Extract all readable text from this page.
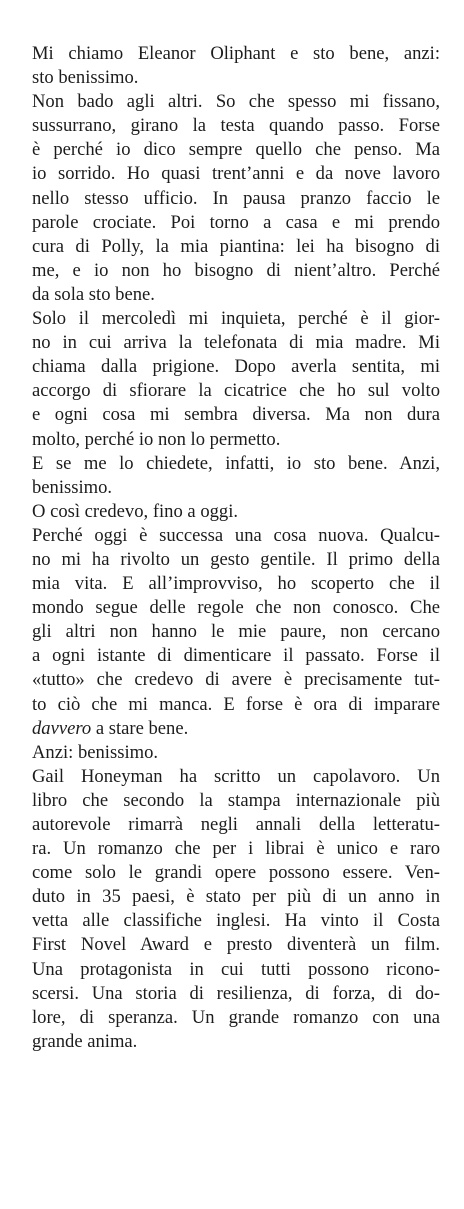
Mi chiamo Eleanor Oliphant e sto bene, anzi:
sto benissimo.

Non bado agli altri. So che spesso mi fissano,
sussurrano, girano la testa quando passo. Forse
è perché io dico sempre quello che penso. Ma
io sorrido. Ho quasi trent’anni e da nove lavoro
nello stesso ufficio. In pausa pranzo faccio le
parole crociate. Poi torno a casa e mi prendo
cura di Polly, la mia piantina: lei ha bisogno di
me, e io non ho bisogno di nient’altro. Perché
da sola sto bene.

Solo il mercoledì mi inquieta, perché è il gior-
no in cui arriva la telefonata di mia madre. Mi
chiama dalla prigione. Dopo averla sentita, mi
accorgo di sfiorare la cicatrice che ho sul volto
e ogni cosa mi sembra diversa. Ma non dura
molto, perché io non lo permetto.

E se me lo chiedete, infatti, io sto bene. Anzi,
benissimo.

O così credevo, fino a oggi.

Perché oggi è successa una cosa nuova. Qualcu-
no mi ha rivolto un gesto gentile. Il primo della
mia vita. E all’improvviso, ho scoperto che il
mondo segue delle regole che non conosco. Che
gli altri non hanno le mie paure, non cercano
a ogni istante di dimenticare il passato. Forse il
«tutto» che credevo di avere è precisamente tut-
to ciò che mi manca. E forse è ora di imparare
davvero a stare bene.

Anzi: benissimo.

Gail Honeyman ha scritto un capolavoro. Un
libro che secondo la stampa internazionale più
autorevole rimarrà negli annali della letteratu-
ra. Un romanzo che per i librai è unico e raro
come solo le grandi opere possono essere. Ven-
duto in 35 paesi, è stato per più di un anno in
vetta alle classifiche inglesi. Ha vinto il Costa
First Novel Award e presto diventerà un film.
Una protagonista in cui tutti possono ricono-
scersi. Una storia di resilienza, di forza, di do-
lore, di speranza. Un grande romanzo con una
grande anima.
